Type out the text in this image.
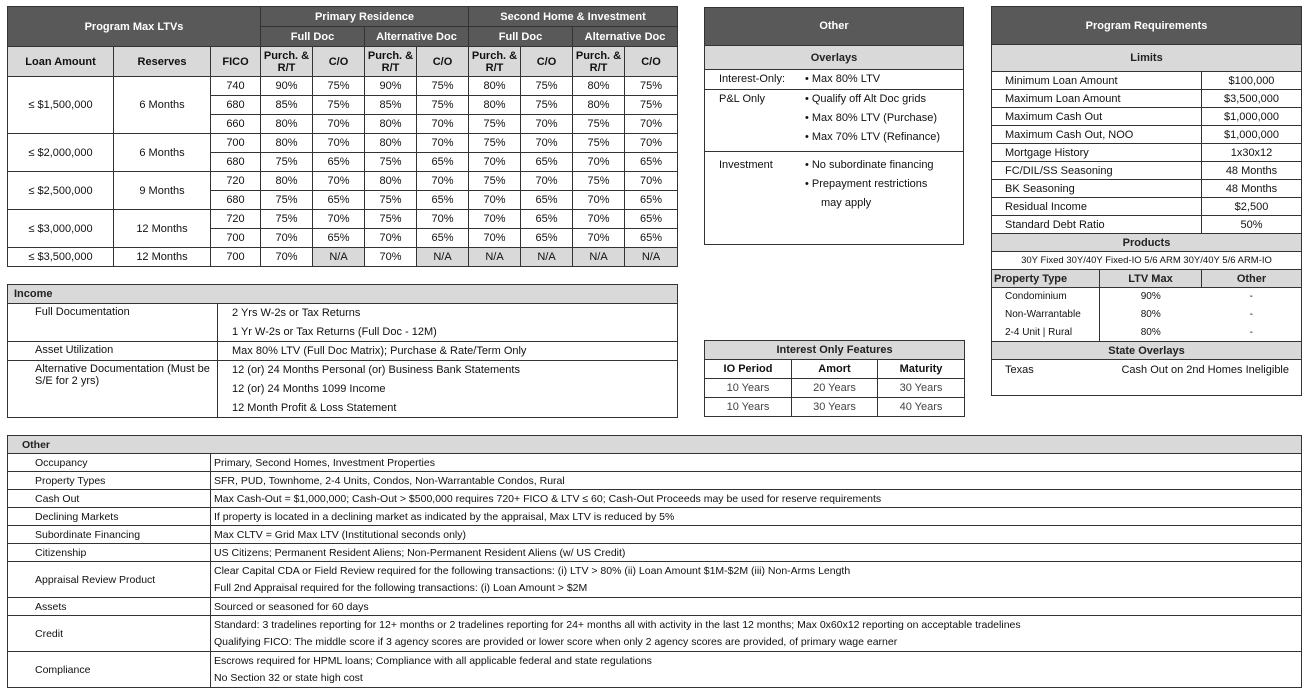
Program Max LTVs			Primary Residence				Second Home & Investment			
			Full Doc		Alternative Doc		Full Doc		Alternative Doc	
Loan Amount	Reserves	FICO	Purch. & R/T	C/O	Purch. & R/T	C/O	Purch. & R/T	C/O	Purch. & R/T	C/O
≤ $1,500,000	6 Months	740	90%	75%	90%	75%	80%	75%	80%	75%
		680	85%	75%	85%	75%	80%	75%	80%	75%
		660	80%	70%	80%	70%	75%	70%	75%	70%
≤ $2,000,000	6 Months	700	80%	70%	80%	70%	75%	70%	75%	70%
		680	75%	65%	75%	65%	70%	65%	70%	65%
≤ $2,500,000	9 Months	720	80%	70%	80%	70%	75%	70%	75%	70%
		680	75%	65%	75%	65%	70%	65%	70%	65%
≤ $3,000,000	12 Months	720	75%	70%	75%	70%	70%	65%	70%	65%
		700	70%	65%	70%	65%	70%	65%	70%	65%
≤ $3,500,000	12 Months	700	70%	N/A	70%	N/A	N/A	N/A	N/A	N/A
Other
Overlays
Interest-Only:	• Max 80% LTV
P&L Only	• Qualify off Alt Doc grids
• Max 80% LTV (Purchase)
• Max 70% LTV (Refinance)
Investment	• No subordinate financing
• Prepayment restrictions
may apply
Program Requirements		
Limits		
Minimum Loan Amount		$100,000
Maximum Loan Amount		$3,500,000
Maximum Cash Out		$1,000,000
Maximum Cash Out, NOO		$1,000,000
Mortgage History		1x30x12
FC/DIL/SS Seasoning		48 Months
BK Seasoning		48 Months
Residual Income		$2,500
Standard Debt Ratio		50%
Products		
30Y Fixed 30Y/40Y Fixed-IO 5/6 ARM 30Y/40Y 5/6 ARM-IO		
Property Type	LTV Max	Other
Condominium	90%	-
Non-Warrantable	80%	-
2-4 Unit | Rural	80%	-
State Overlays		
Texas	Cash Out on 2nd Homes Ineligible	
Income	
Full Documentation	2 Yrs W-2s or Tax Returns
	1 Yr W-2s or Tax Returns (Full Doc - 12M)
Asset Utilization	Max 80% LTV (Full Doc Matrix); Purchase & Rate/Term Only
Alternative Documentation (Must be S/E for 2 yrs)	12 (or) 24 Months Personal (or) Business Bank Statements
	12 (or) 24 Months 1099 Income
	12 Month Profit & Loss Statement
Interest Only Features		
IO Period	Amort	Maturity
10 Years	20 Years	30 Years
10 Years	30 Years	40 Years
Other	
Occupancy	Primary, Second Homes, Investment Properties
Property Types	SFR, PUD, Townhome, 2-4 Units, Condos, Non-Warrantable Condos, Rural
Cash Out	Max Cash-Out = $1,000,000; Cash-Out > $500,000 requires 720+ FICO & LTV ≤ 60; Cash-Out Proceeds may be used for reserve requirements
Declining Markets	If property is located in a declining market as indicated by the appraisal, Max LTV is reduced by 5%
Subordinate Financing	Max CLTV = Grid Max LTV (Institutional seconds only)
Citizenship	US Citizens; Permanent Resident Aliens; Non-Permanent Resident Aliens (w/ US Credit)
Appraisal Review Product	Clear Capital CDA or Field Review required for the following transactions: (i) LTV > 80% (ii) Loan Amount $1M-$2M (iii) Non-Arms Length
	Full 2nd Appraisal required for the following transactions: (i) Loan Amount > $2M
Assets	Sourced or seasoned for 60 days
Credit	Standard: 3 tradelines reporting for 12+ months or 2 tradelines reporting for 24+ months all with activity in the last 12 months; Max 0x60x12 reporting on acceptable tradelines
	Qualifying FICO: The middle score if 3 agency scores are provided or lower score when only 2 agency scores are provided, of primary wage earner
Compliance	Escrows required for HPML loans; Compliance with all applicable federal and state regulations
	No Section 32 or state high cost
